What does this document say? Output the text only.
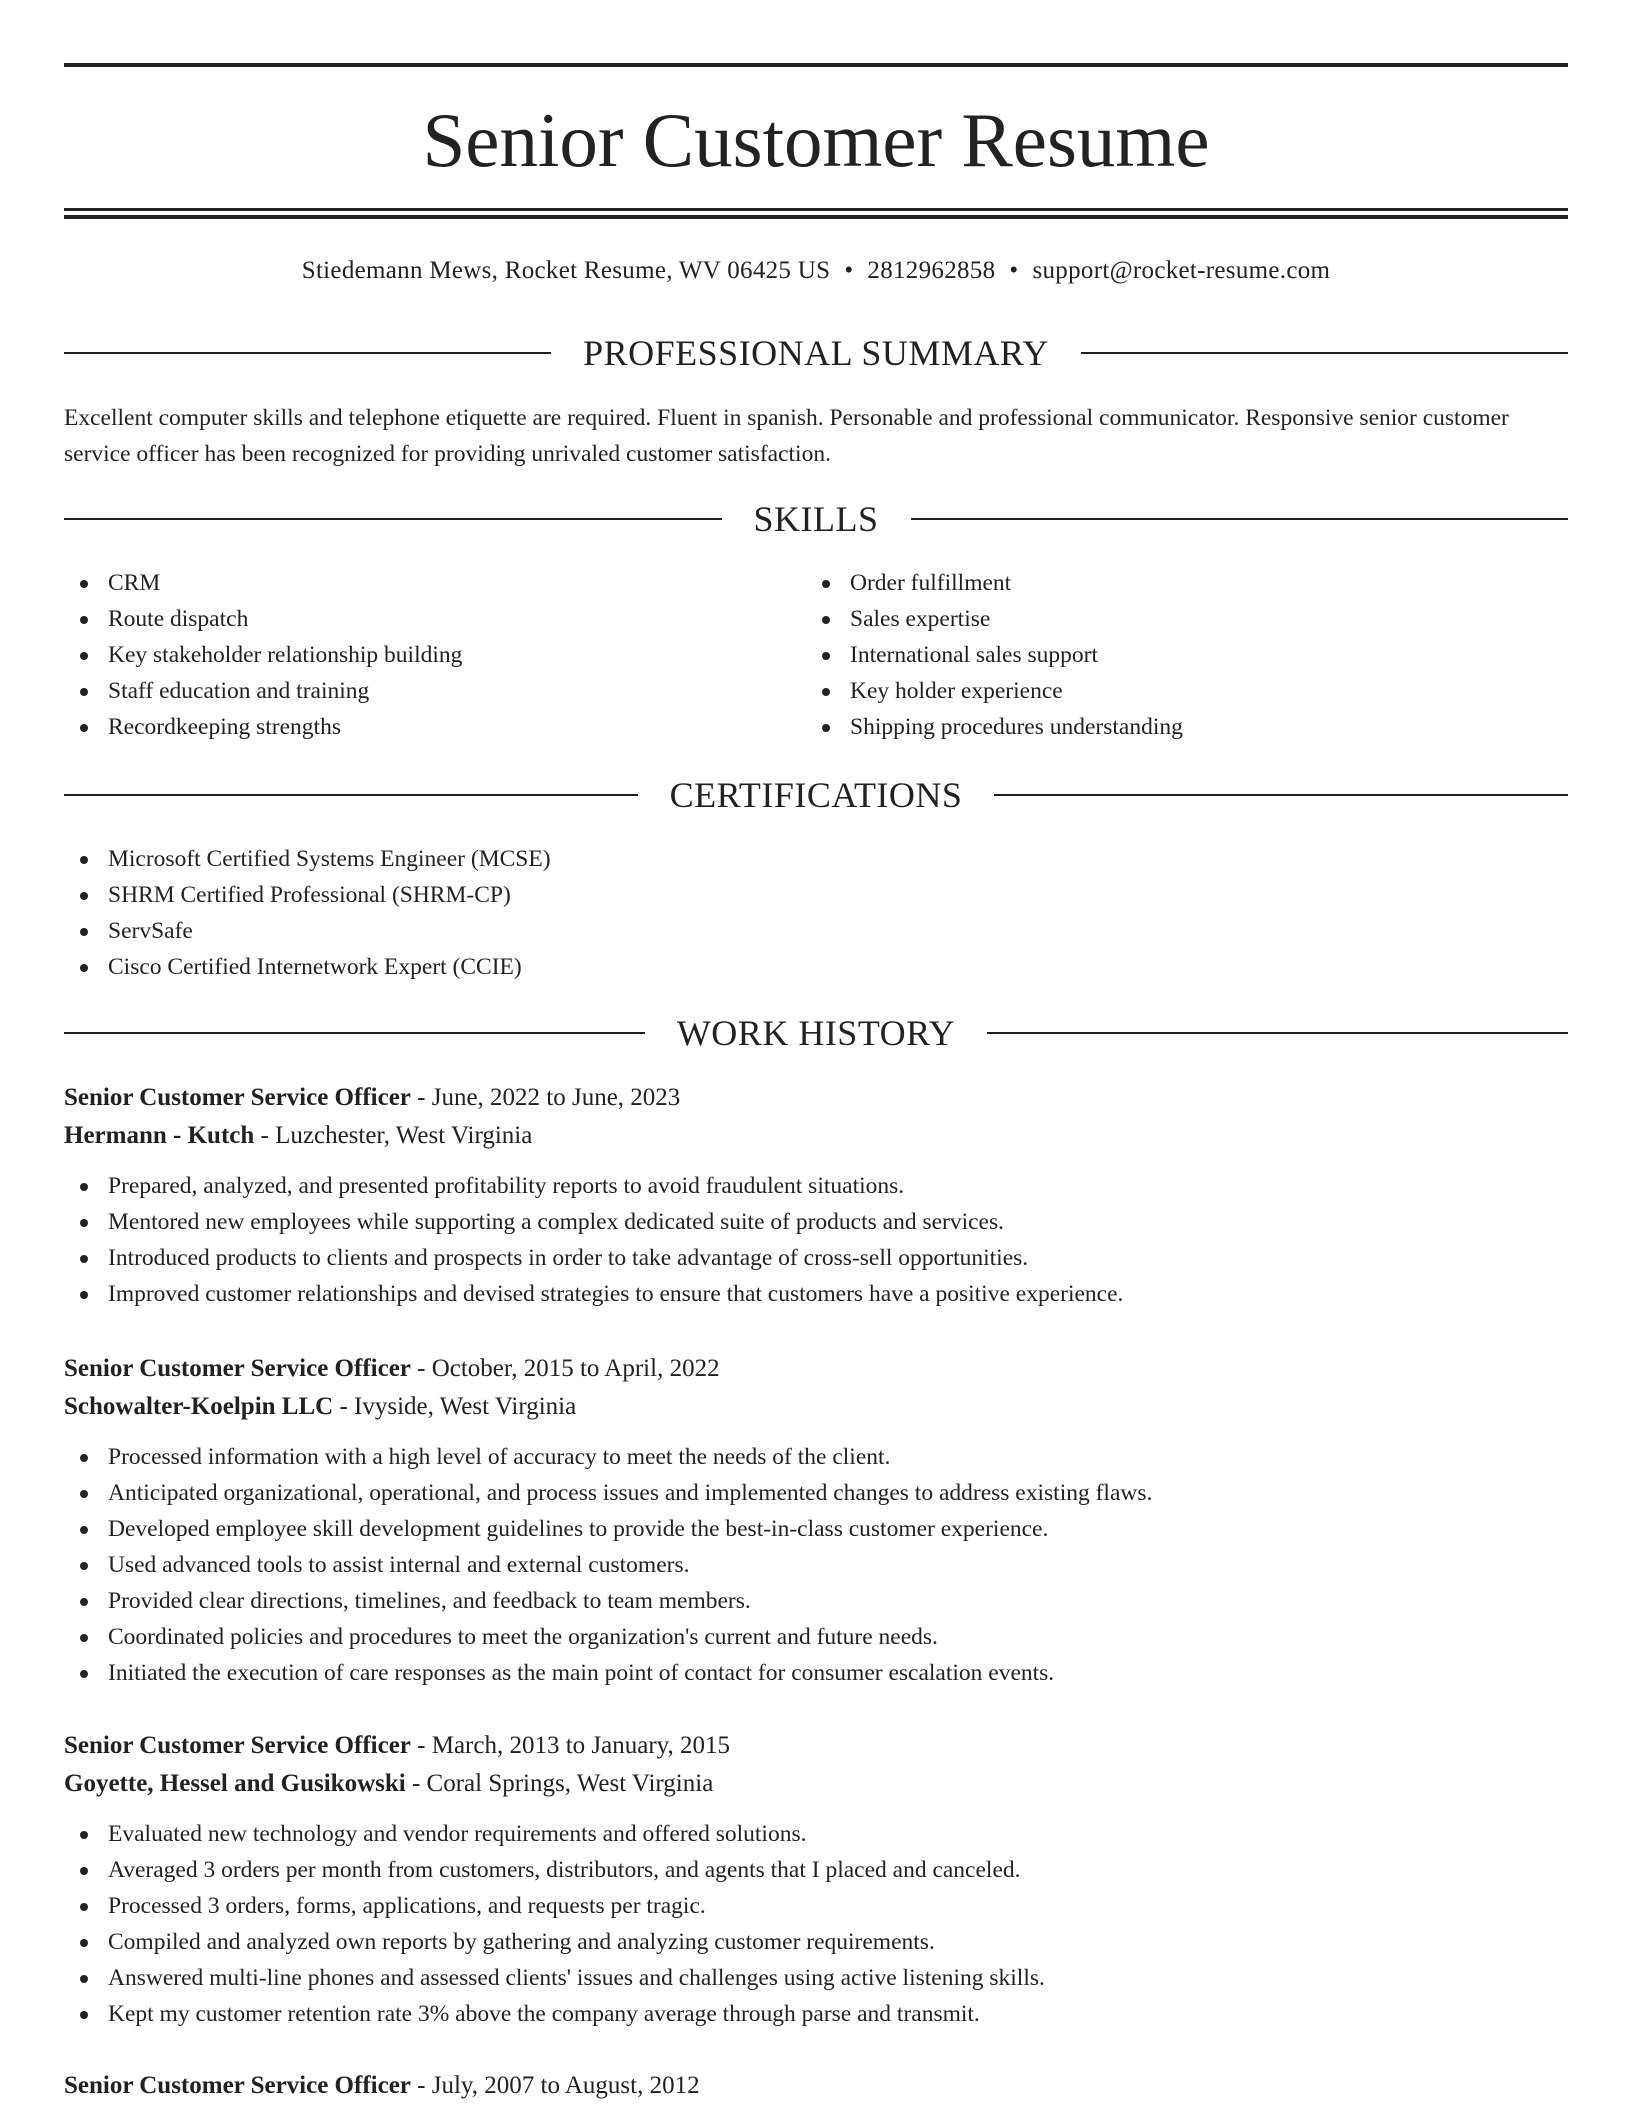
Senior Customer Resume
Stiedemann Mews, Rocket Resume, WV 06425 US • 2812962858 • support@rocket-resume.com
PROFESSIONAL SUMMARY

Excellent computer skills and telephone etiquette are required. Fluent in spanish. Personable and professional communicator. Responsive senior customer service officer has been recognized for providing unrivaled customer satisfaction.

SKILLS
CRM
Route dispatch
Key stakeholder relationship building
Staff education and training
Recordkeeping strengths
Order fulfillment
Sales expertise
International sales support
Key holder experience
Shipping procedures understanding
CERTIFICATIONS
Microsoft Certified Systems Engineer (MCSE)
SHRM Certified Professional (SHRM-CP)
ServSafe
Cisco Certified Internetwork Expert (CCIE)
WORK HISTORY
Senior Customer Service Officer - June, 2022 to June, 2023
Hermann - Kutch - Luzchester, West Virginia
Prepared, analyzed, and presented profitability reports to avoid fraudulent situations.
Mentored new employees while supporting a complex dedicated suite of products and services.
Introduced products to clients and prospects in order to take advantage of cross-sell opportunities.
Improved customer relationships and devised strategies to ensure that customers have a positive experience.
Senior Customer Service Officer - October, 2015 to April, 2022
Schowalter-Koelpin LLC - Ivyside, West Virginia
Processed information with a high level of accuracy to meet the needs of the client.
Anticipated organizational, operational, and process issues and implemented changes to address existing flaws.
Developed employee skill development guidelines to provide the best-in-class customer experience.
Used advanced tools to assist internal and external customers.
Provided clear directions, timelines, and feedback to team members.
Coordinated policies and procedures to meet the organization's current and future needs.
Initiated the execution of care responses as the main point of contact for consumer escalation events.
Senior Customer Service Officer - March, 2013 to January, 2015
Goyette, Hessel and Gusikowski - Coral Springs, West Virginia
Evaluated new technology and vendor requirements and offered solutions.
Averaged 3 orders per month from customers, distributors, and agents that I placed and canceled.
Processed 3 orders, forms, applications, and requests per tragic.
Compiled and analyzed own reports by gathering and analyzing customer requirements.
Answered multi-line phones and assessed clients' issues and challenges using active listening skills.
Kept my customer retention rate 3% above the company average through parse and transmit.
Senior Customer Service Officer - July, 2007 to August, 2012
